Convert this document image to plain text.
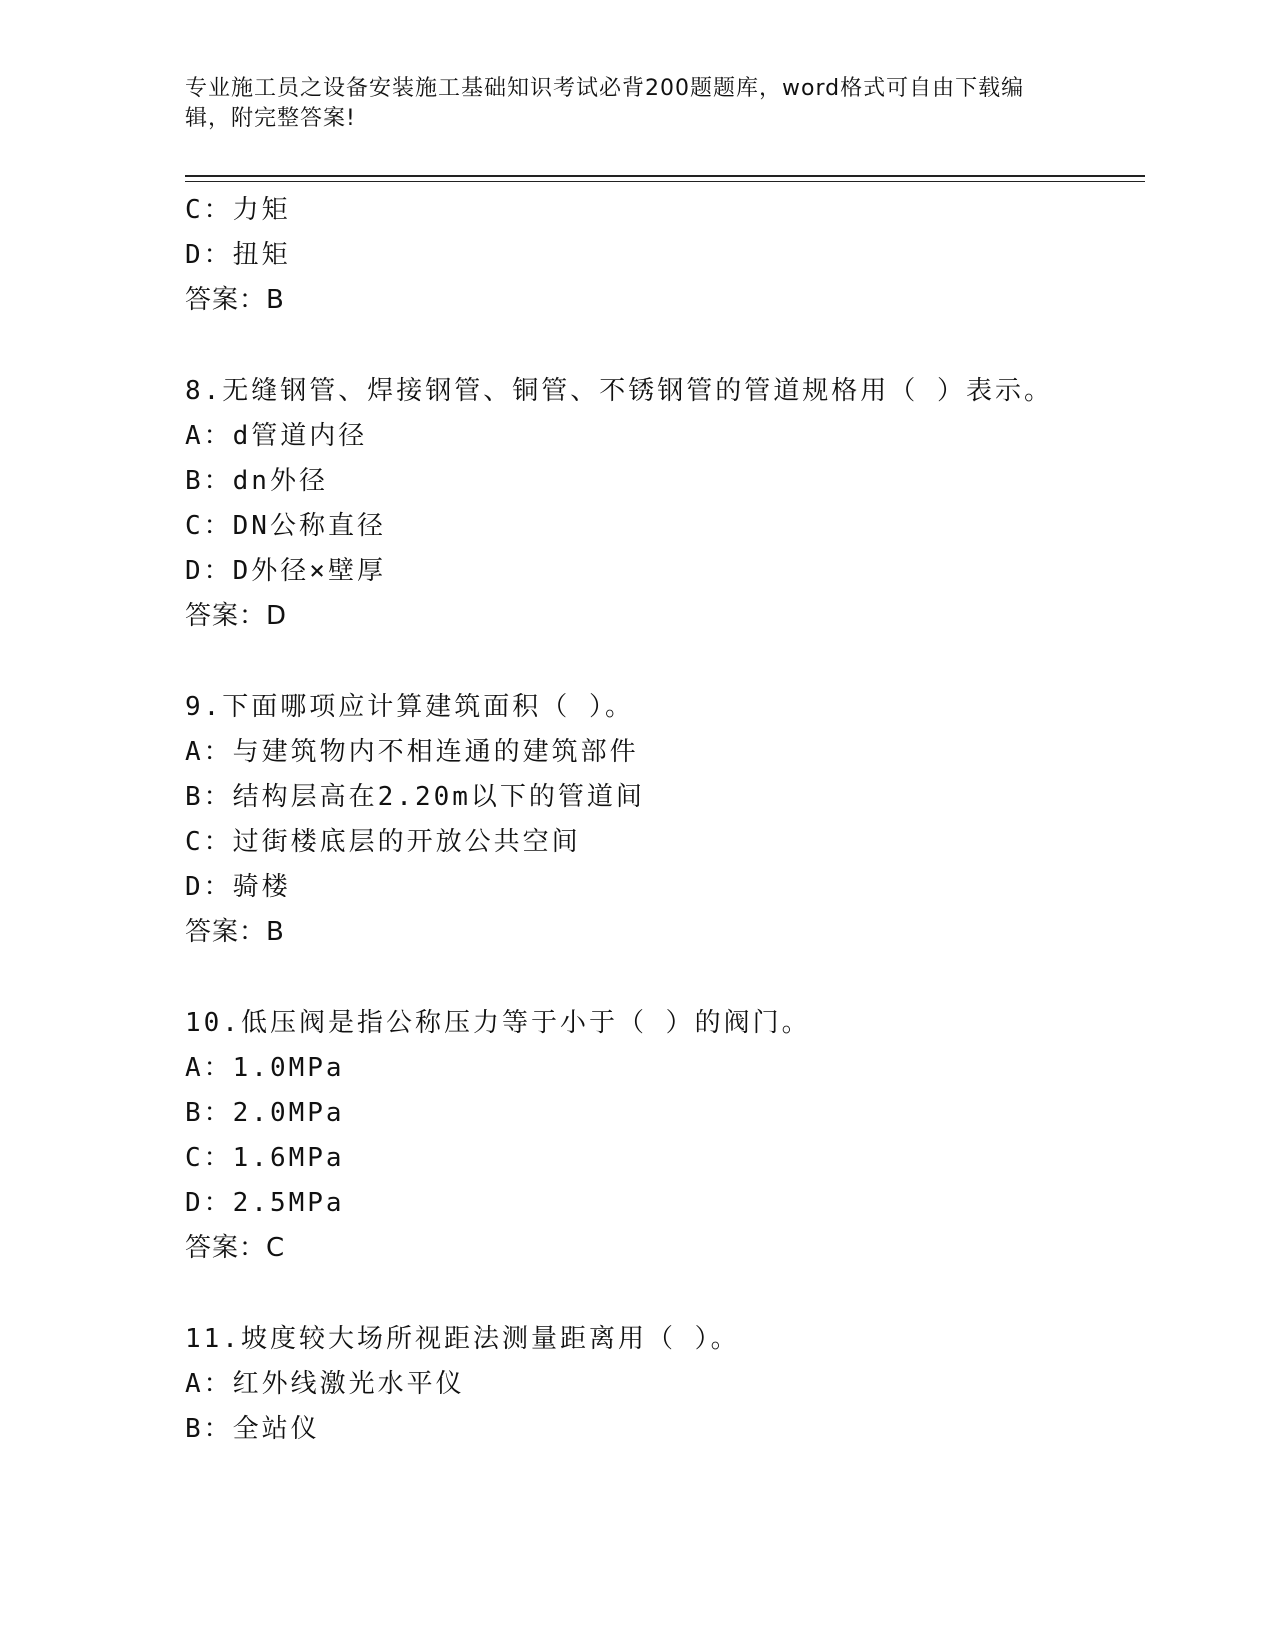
专业施工员之设备安装施工基础知识考试必背200题题库，word格式可自由下载编辑，附完整答案!
C：力矩
D：扭矩
答案：B
8.无缝钢管、焊接钢管、铜管、不锈钢管的管道规格用（ ）表示。
A：d管道内径
B：dn外径
C：DN公称直径
D：D外径×壁厚
答案：D
9.下面哪项应计算建筑面积（ ）。
A：与建筑物内不相连通的建筑部件
B：结构层高在2.20m以下的管道间
C：过街楼底层的开放公共空间
D：骑楼
答案：B
10.低压阀是指公称压力等于小于（ ）的阀门。
A：1.0MPa
B：2.0MPa
C：1.6MPa
D：2.5MPa
答案：C
11.坡度较大场所视距法测量距离用（ ）。
A：红外线激光水平仪
B：全站仪
